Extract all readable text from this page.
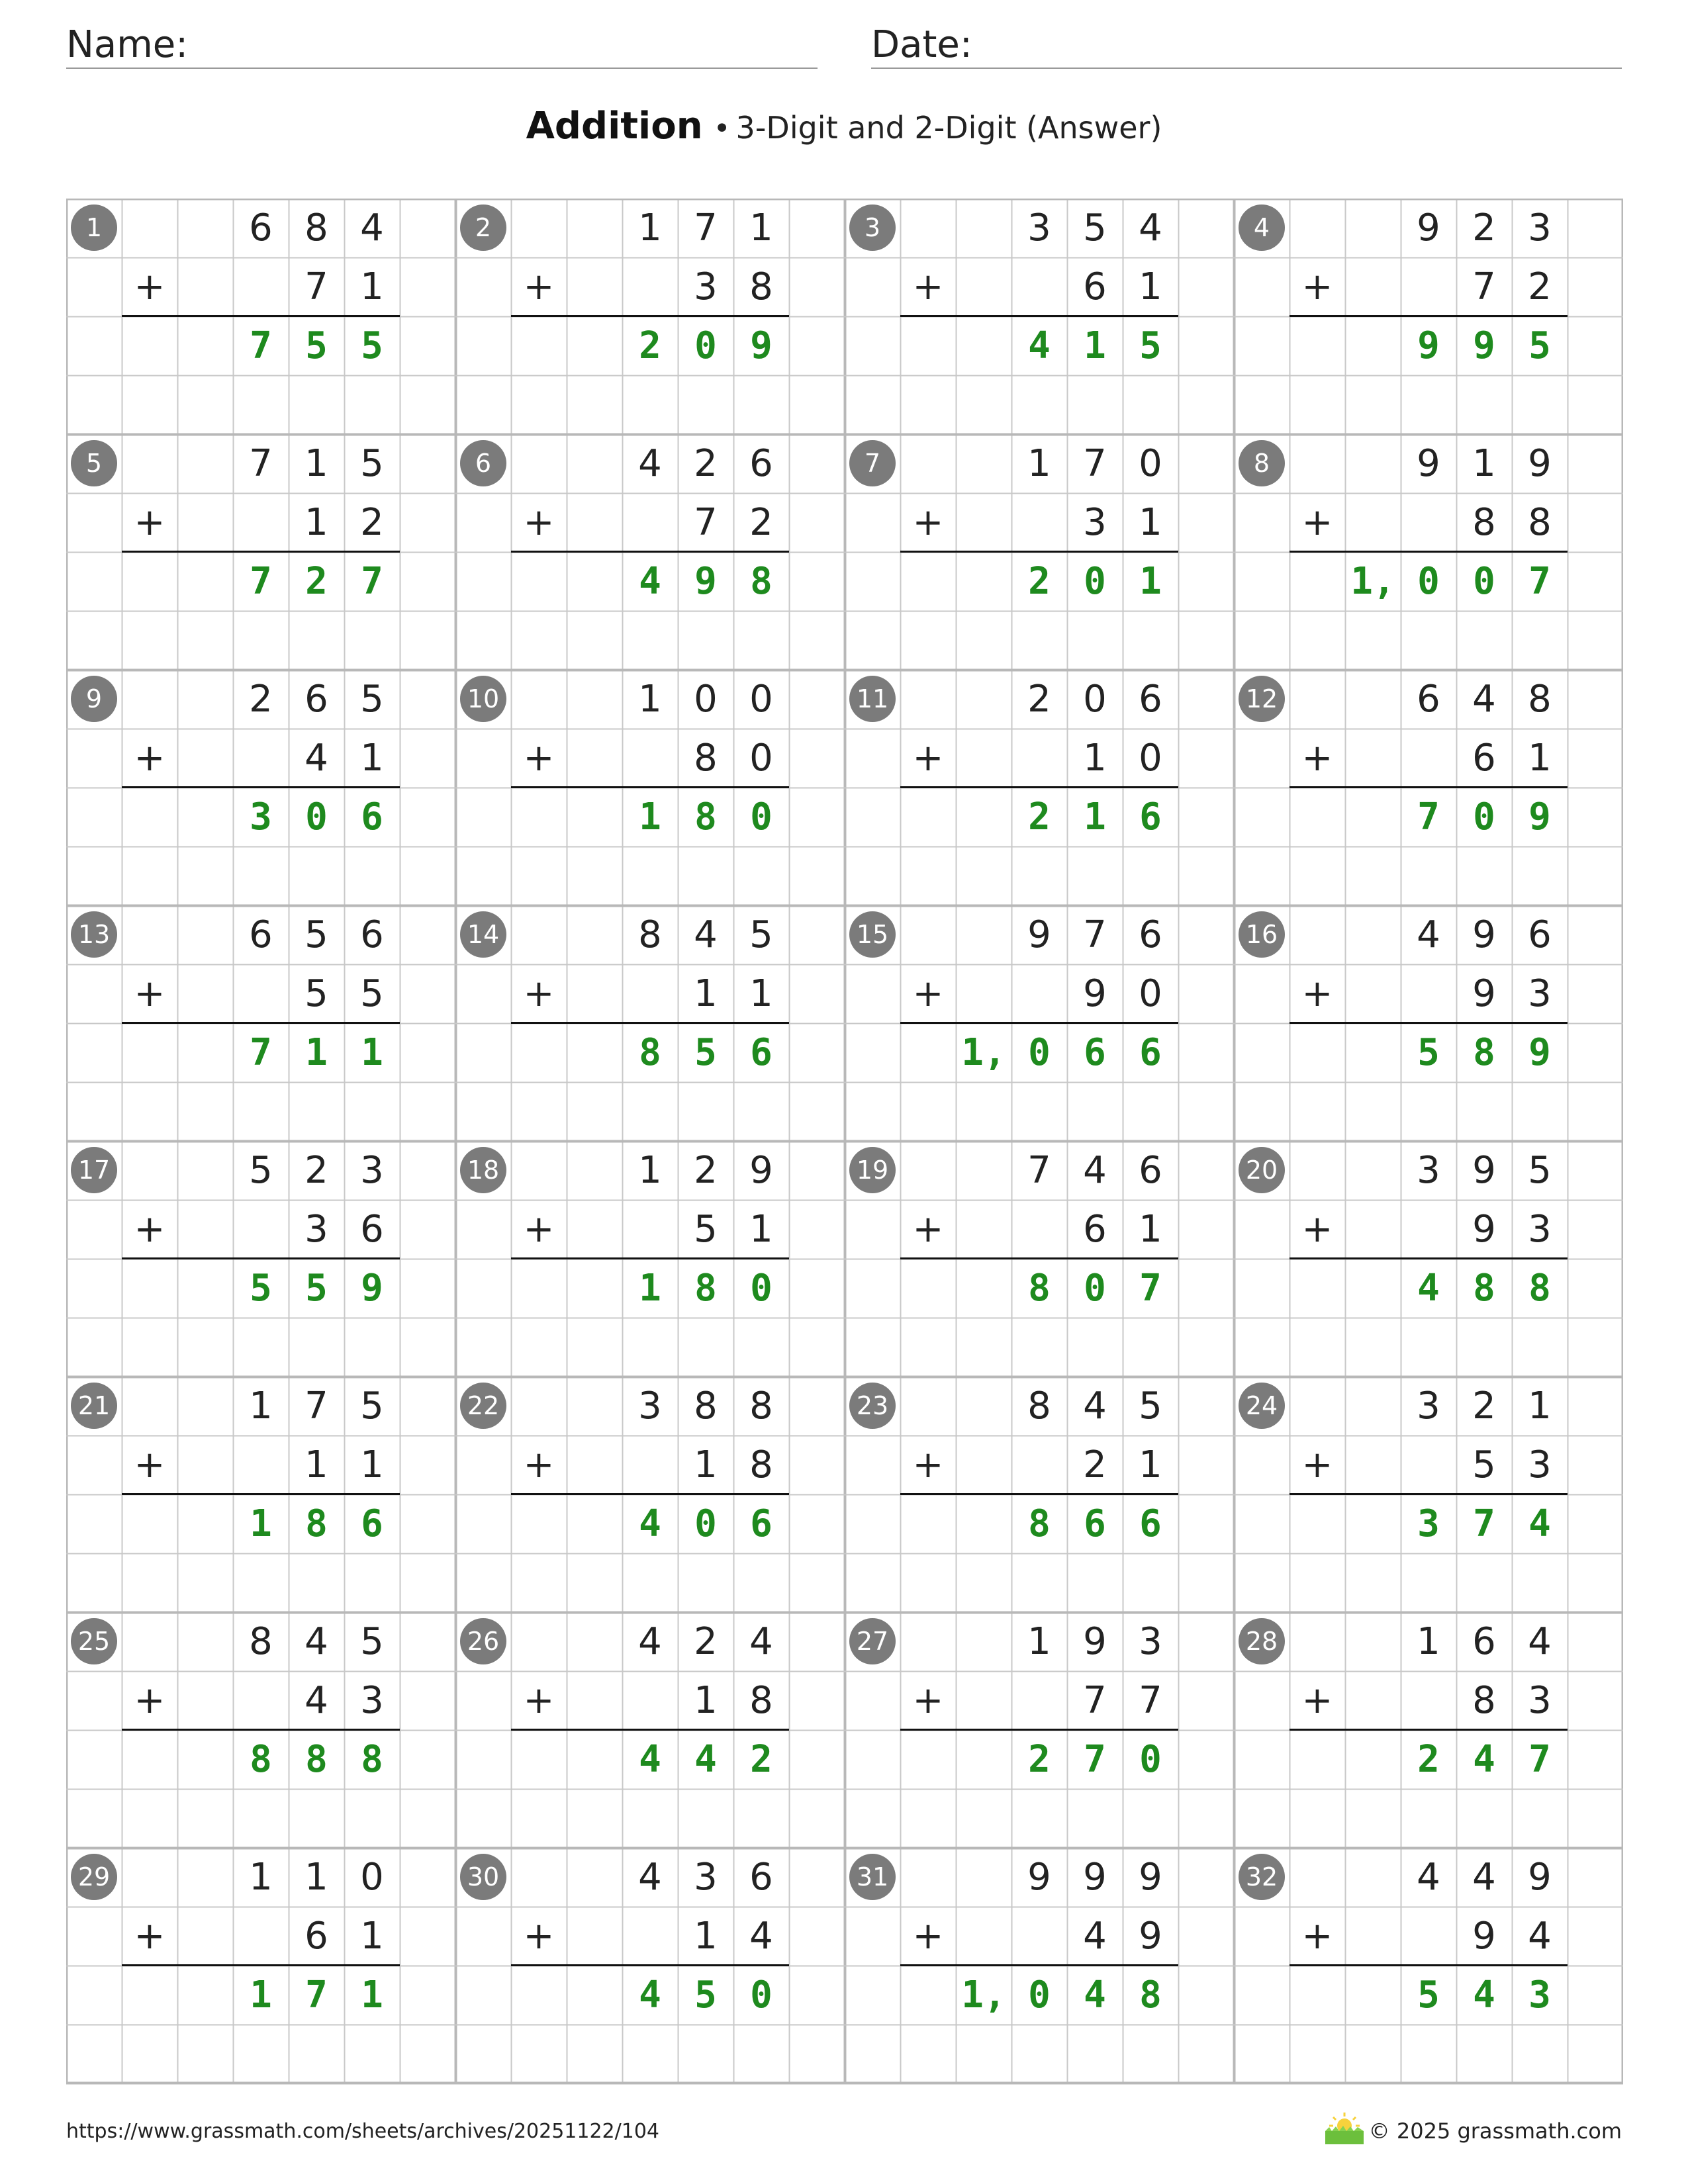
Name:	Date:
Addition • 3-Digit and 2-Digit (Answer)
1	6 8 4
+	7 1
7 5 5
2	1 7 1
+	3 8
2 0 9
3	3 5 4
+	6 1
4 1 5
4	9 2 3
+	7 2
9 9 5
5	7 1 5
+	1 2
7 2 7
6	4 2 6
+	7 2
4 9 8
7	1 7 0
+	3 1
2 0 1
8	9 1 9
+	8 8
1, 0 0 7
9	2 6 5
+	4 1
3 0 6
10	1 0 0
+	8 0
1 8 0
11	2 0 6
+	1 0
2 1 6
12	6 4 8
+	6 1
7 0 9
13	6 5 6
+	5 5
7 1 1
14	8 4 5
+	1 1
8 5 6
15	9 7 6
+	9 0
1, 0 6 6
16	4 9 6
+	9 3
5 8 9
17	5 2 3
+	3 6
5 5 9
18	1 2 9
+	5 1
1 8 0
19	7 4 6
+	6 1
8 0 7
20	3 9 5
+	9 3
4 8 8
21	1 7 5
+	1 1
1 8 6
22	3 8 8
+	1 8
4 0 6
23	8 4 5
+	2 1
8 6 6
24	3 2 1
+	5 3
3 7 4
25	8 4 5
+	4 3
8 8 8
26	4 2 4
+	1 8
4 4 2
27	1 9 3
+	7 7
2 7 0
28	1 6 4
+	8 3
2 4 7
29	1 1 0
+	6 1
1 7 1
30	4 3 6
+	1 4
4 5 0
31	9 9 9
+	4 9
1, 0 4 8
32	4 4 9
+	9 4
5 4 3
https://www.grassmath.com/sheets/archives/20251122/104	© 2025 grassmath.com
